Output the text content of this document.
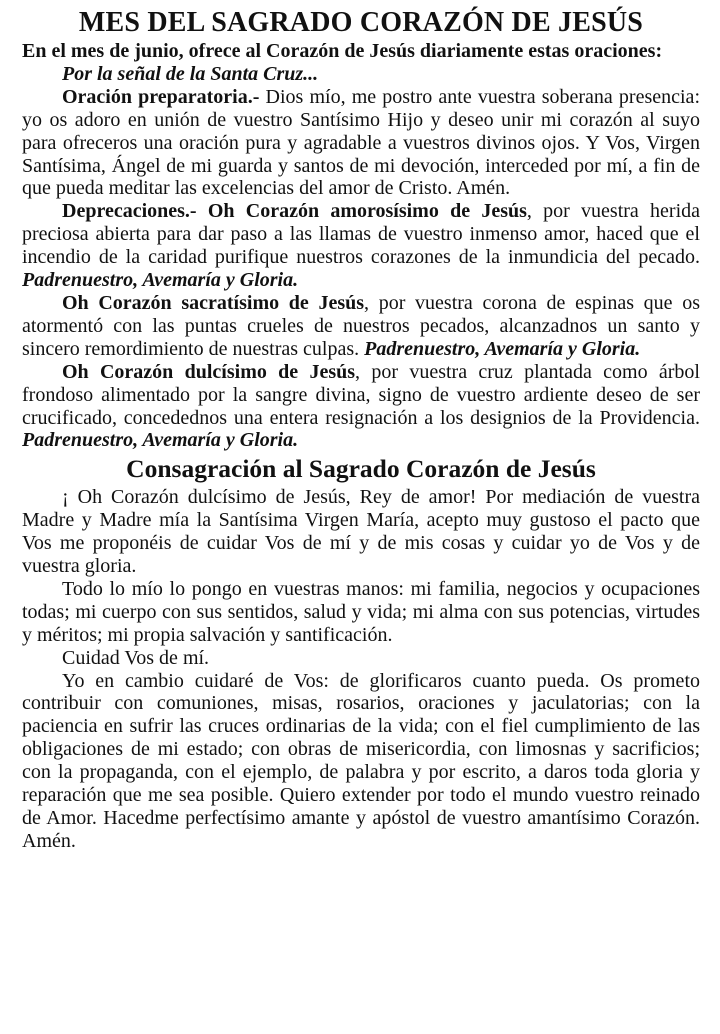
MES DEL SAGRADO CORAZÓN DE JESÚS

En el mes de junio, ofrece al Corazón de Jesús diariamente estas oraciones:

Por la señal de la Santa Cruz...

Oración preparatoria.- Dios mío, me postro ante vuestra soberana presencia: yo os adoro en unión de vuestro Santísimo Hijo y deseo unir mi corazón al suyo para ofreceros una oración pura y agradable a vuestros divinos ojos. Y Vos, Virgen Santísima, Ángel de mi guarda y santos de mi devoción, interceded por mí, a fin de que pueda meditar las excelencias del amor de Cristo. Amén.

Deprecaciones.- Oh Corazón amorosísimo de Jesús, por vuestra herida preciosa abierta para dar paso a las llamas de vuestro inmenso amor, haced que el incendio de la caridad purifique nuestros corazones de la inmundicia del pecado. Padrenuestro, Avemaría y Gloria.

Oh Corazón sacratísimo de Jesús, por vuestra corona de espinas que os atormentó con las puntas crueles de nuestros pecados, alcanzadnos un santo y sincero remordimiento de nuestras culpas. Padrenuestro, Avemaría y Gloria.

Oh Corazón dulcísimo de Jesús, por vuestra cruz plantada como árbol frondoso alimentado por la sangre divina, signo de vuestro ardiente deseo de ser crucificado, concedednos una entera resignación a los designios de la Providencia. Padrenuestro, Avemaría y Gloria.

Consagración al Sagrado Corazón de Jesús

¡ Oh Corazón dulcísimo de Jesús, Rey de amor! Por mediación de vuestra Madre y Madre mía la Santísima Virgen María, acepto muy gustoso el pacto que Vos me proponéis de cuidar Vos de mí y de mis cosas y cuidar yo de Vos y de vuestra gloria.

Todo lo mío lo pongo en vuestras manos: mi familia, negocios y ocupaciones todas; mi cuerpo con sus sentidos, salud y vida; mi alma con sus potencias, virtudes y méritos; mi propia salvación y santificación.

Cuidad Vos de mí.

Yo en cambio cuidaré de Vos: de glorificaros cuanto pueda. Os prometo contribuir con comuniones, misas, rosarios, oraciones y jaculatorias; con la paciencia en sufrir las cruces ordinarias de la vida; con el fiel cumplimiento de las obligaciones de mi estado; con obras de misericordia, con limosnas y sacrificios; con la propaganda, con el ejemplo, de palabra y por escrito, a daros toda gloria y reparación que me sea posible. Quiero extender por todo el mundo vuestro reinado de Amor. Hacedme perfectísimo amante y apóstol de vuestro amantísimo Corazón. Amén.
